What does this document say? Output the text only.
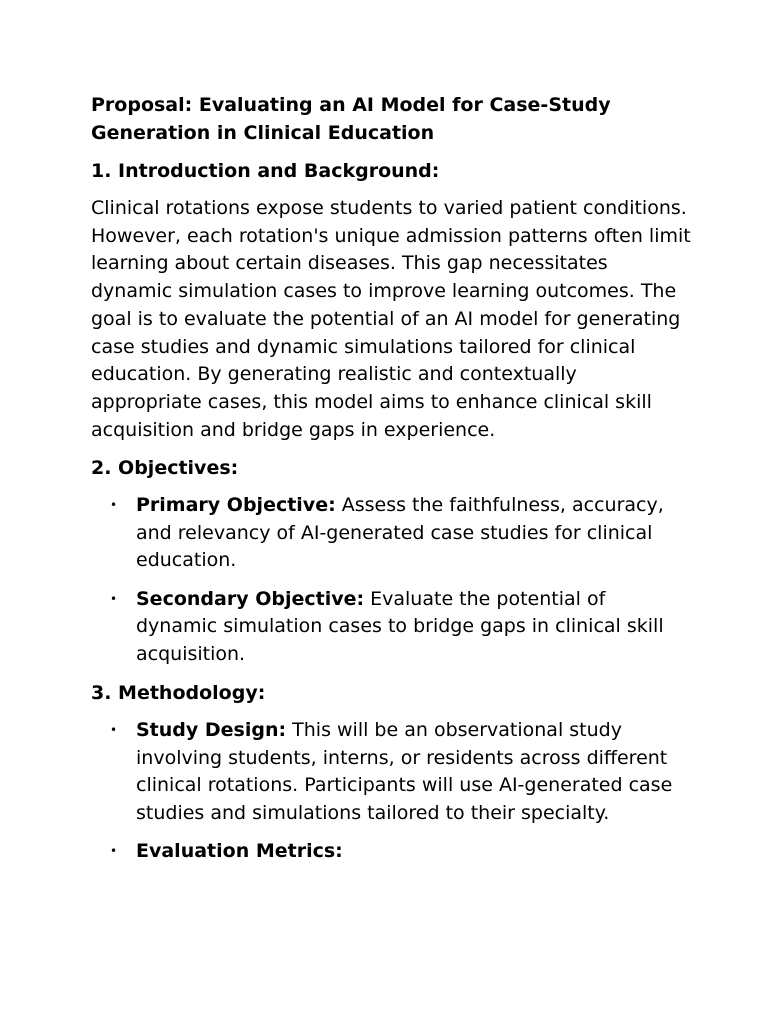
Proposal: Evaluating an AI Model for Case-Study Generation in Clinical Education
1. Introduction and Background:

Clinical rotations expose students to varied patient conditions. However, each rotation's unique admission patterns often limit learning about certain diseases. This gap necessitates dynamic simulation cases to improve learning outcomes. The goal is to evaluate the potential of an AI model for generating case studies and dynamic simulations tailored for clinical education. By generating realistic and contextually appropriate cases, this model aims to enhance clinical skill acquisition and bridge gaps in experience.

2. Objectives:
• Primary Objective: Assess the faithfulness, accuracy, and relevancy of AI-generated case studies for clinical education.
• Secondary Objective: Evaluate the potential of dynamic simulation cases to bridge gaps in clinical skill acquisition.
3. Methodology:
• Study Design: This will be an observational study involving students, interns, or residents across different clinical rotations. Participants will use AI-generated case studies and simulations tailored to their specialty.
• Evaluation Metrics:
